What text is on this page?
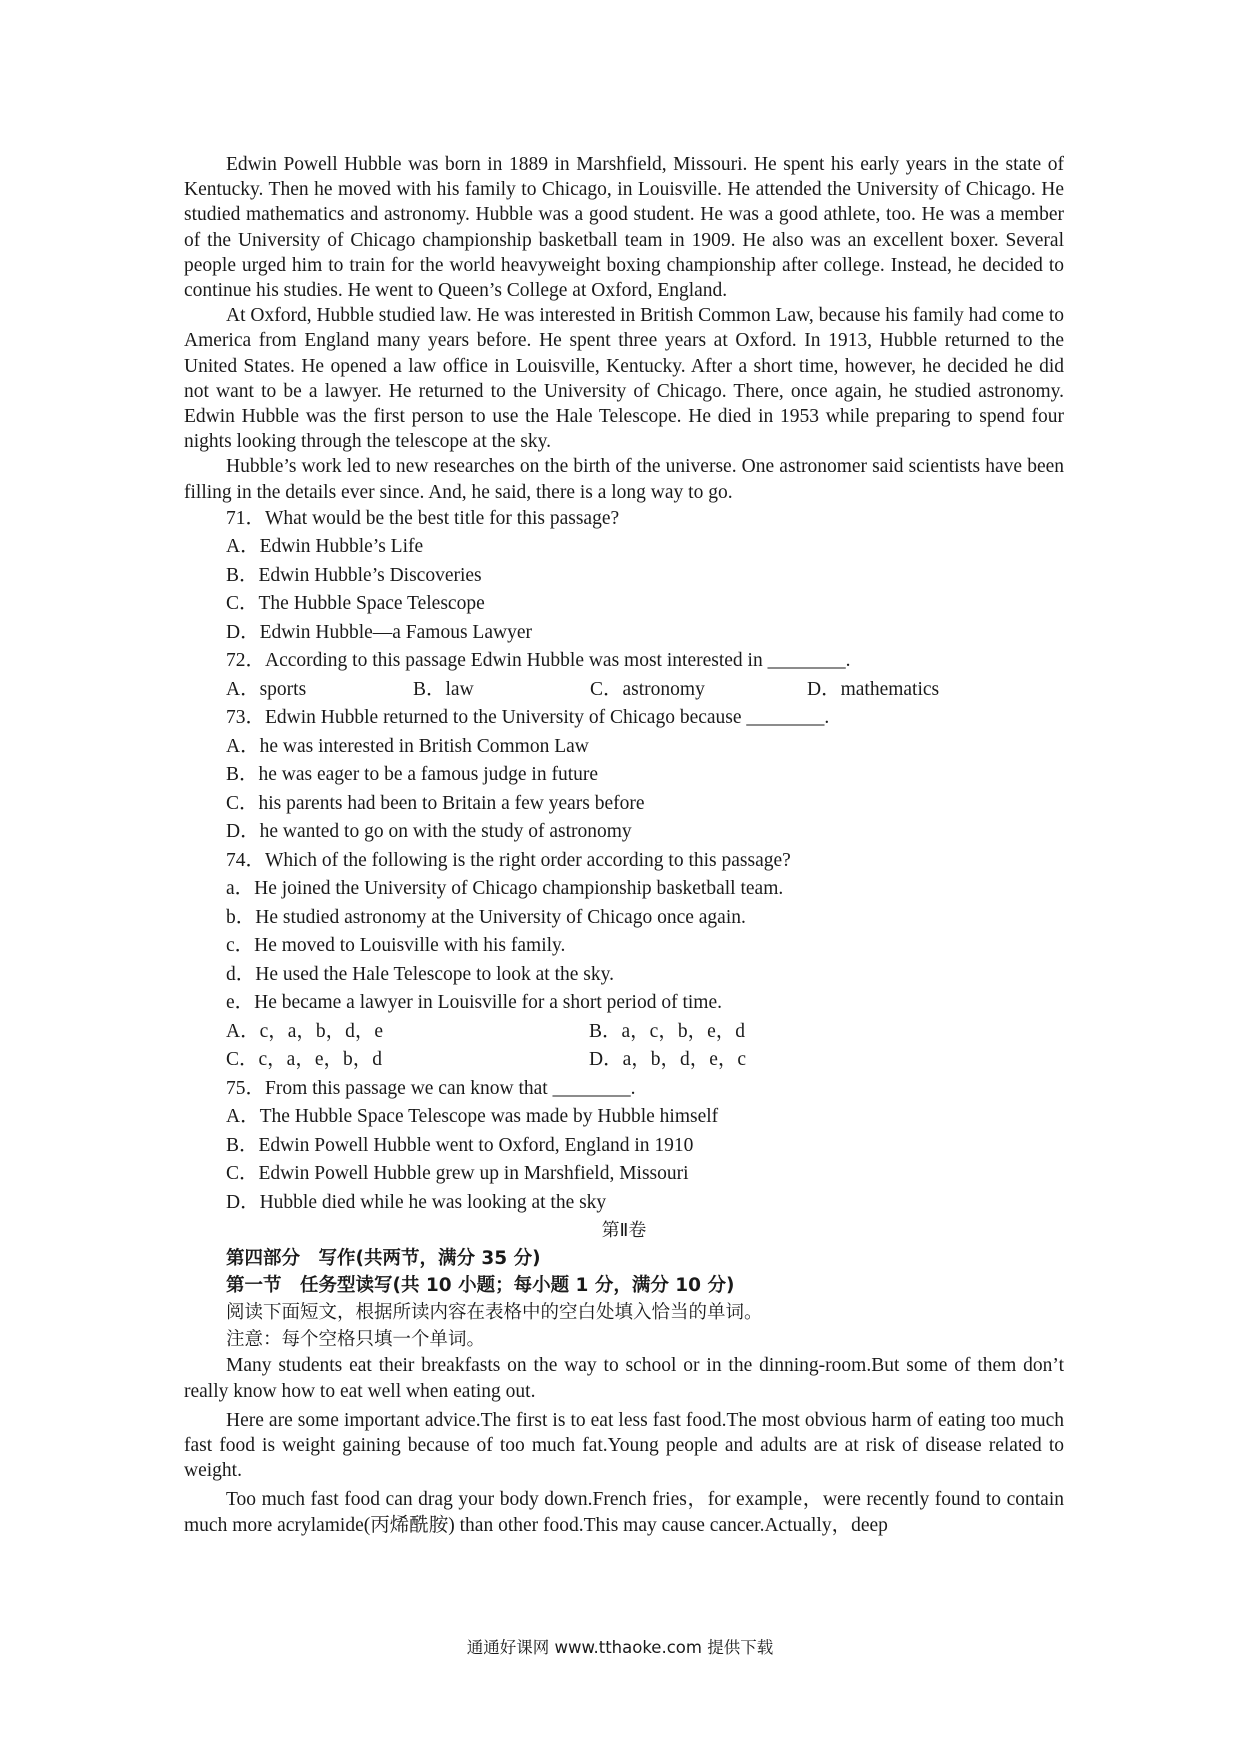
Edwin Powell Hubble was born in 1889 in Marshfield, Missouri. He spent his early years in the state of Kentucky. Then he moved with his family to Chicago, in Louisville. He attended the University of Chicago. He studied mathematics and astronomy. Hubble was a good student. He was a good athlete, too. He was a member of the University of Chicago championship basketball team in 1909. He also was an excellent boxer. Several people urged him to train for the world heavyweight boxing championship after college. Instead, he decided to continue his studies. He went to Queen’s College at Oxford, England.

At Oxford, Hubble studied law. He was interested in British Common Law, because his family had come to America from England many years before. He spent three years at Oxford. In 1913, Hubble returned to the United States. He opened a law office in Louisville, Kentucky. After a short time, however, he decided he did not want to be a lawyer. He returned to the University of Chicago. There, once again, he studied astronomy. Edwin Hubble was the first person to use the Hale Telescope. He died in 1953 while preparing to spend four nights looking through the telescope at the sky.

Hubble’s work led to new researches on the birth of the universe. One astronomer said scientists have been filling in the details ever since. And, he said, there is a long way to go.

71．What would be the best title for this passage?
A．Edwin Hubble’s Life
B．Edwin Hubble’s Discoveries
C．The Hubble Space Telescope
D．Edwin Hubble—a Famous Lawyer
72．According to this passage Edwin Hubble was most interested in ________.
A．sports	B．law	C．astronomy	D．mathematics
73．Edwin Hubble returned to the University of Chicago because ________.
A．he was interested in British Common Law
B．he was eager to be a famous judge in future
C．his parents had been to Britain a few years before
D．he wanted to go on with the study of astronomy
74．Which of the following is the right order according to this passage?
a．He joined the University of Chicago championship basketball team.
b．He studied astronomy at the University of Chicago once again.
c．He moved to Louisville with his family.
d．He used the Hale Telescope to look at the sky.
e．He became a lawyer in Louisville for a short period of time.
A．c，a，b，d，e	B．a，c，b，e，d
C．c，a，e，b，d	D．a，b，d，e，c
75．From this passage we can know that ________.
A．The Hubble Space Telescope was made by Hubble himself
B．Edwin Powell Hubble went to Oxford, England in 1910
C．Edwin Powell Hubble grew up in Marshfield, Missouri
D．Hubble died while he was looking at the sky
第Ⅱ卷
第四部分　写作(共两节，满分 35 分)
第一节　任务型读写(共 10 小题；每小题 1 分，满分 10 分)
阅读下面短文，根据所读内容在表格中的空白处填入恰当的单词。
注意：每个空格只填一个单词。

Many students eat their breakfasts on the way to school or in the dinning-room.But some of them don’t really know how to eat well when eating out.

Here are some important advice.The first is to eat less fast food.The most obvious harm of eating too much fast food is weight gaining because of too much fat.Young people and adults are at risk of disease related to weight.

Too much fast food can drag your body down.French fries，for example，were recently found to contain much more acrylamide(丙烯酰胺) than other food.This may cause cancer.Actually，deep

通通好课网 www.tthaoke.com 提供下载
